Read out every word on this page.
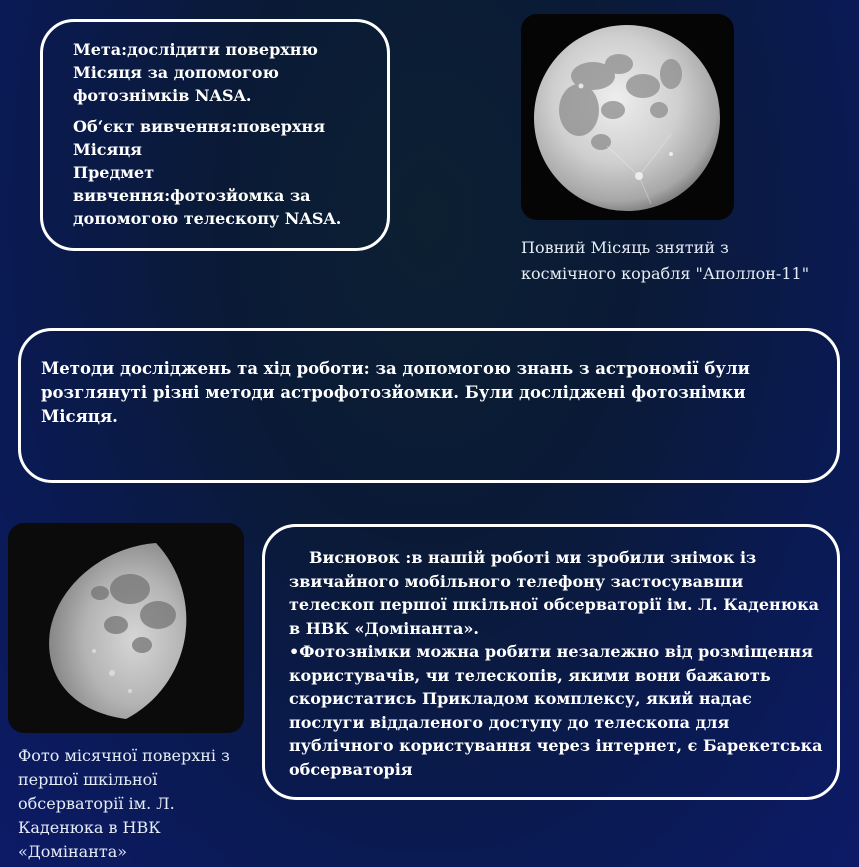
Мета:дослідити поверхню Місяця за допомогою фотознімків NASA.

Об‘єкт вивчення:поверхня Місяця

Предмет вивчення:фотозйомка за допомогою телескопу NASA.

Повний Місяць знятий з космічного корабля "Аполлон-11"

Методи досліджень та хід роботи: за допомогою знань з астрономії були розглянуті різні методи астрофотозйомки. Були досліджені фотознімки Місяця.

Фото місячної поверхні з першої шкільної обсерваторії ім. Л. Каденюка в НВК «Домінанта»

Висновок :в нашій роботі ми зробили знімок із звичайного мобільного телефону застосувавши телескоп першої шкільної обсерваторії ім. Л. Каденюка в НВК «Домінанта».

•Фотознімки можна робити незалежно від розміщення користувачів, чи телескопів, якими вони бажають скористатись Прикладом комплексу, який надає послуги віддаленого доступу до телескопа для публічного користування через інтернет, є Барекетська обсерваторія
